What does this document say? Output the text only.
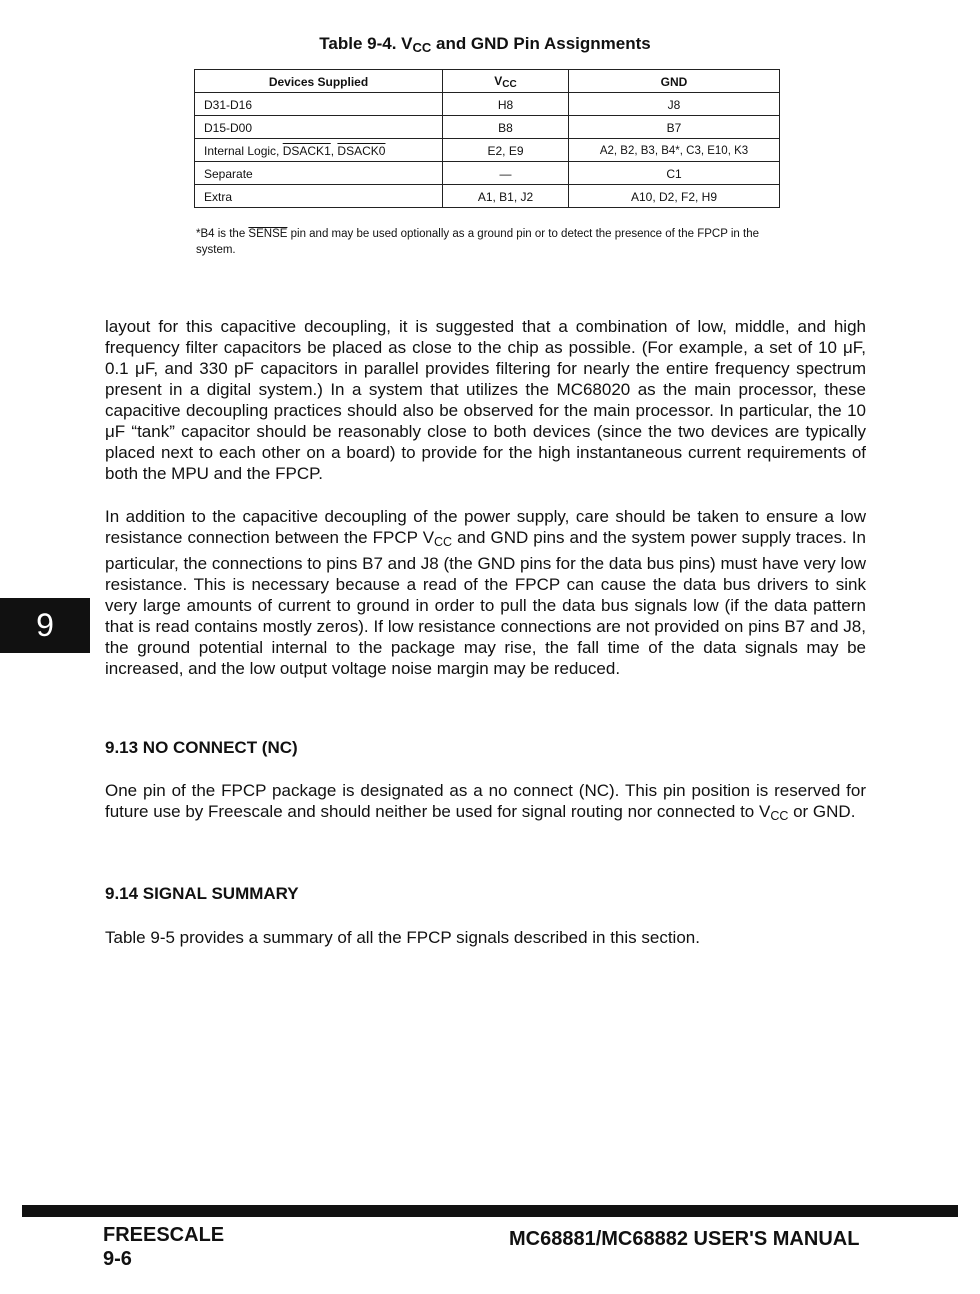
Table 9-4. $V_{CC}$ and GND Pin Assignments
Devices Supplied	VCC	GND
D31-D16	H8	J8
D15-D00	B8	B7
Internal Logic, DSACK1, DSACK0	E2, E9	A2, B2, B3, B4*, C3, E10, K3
Separate	—	C1
Extra	A1, B1, J2	A10, D2, F2, H9
*B4 is the SENSE pin and may be used optionally as a ground pin or to detect the presence of the FPCP in the system.
layout for this capacitive decoupling, it is suggested that a combination of low, middle, and high frequency filter capacitors be placed as close to the chip as possible. (For example, a set of 10 μF, 0.1 μF, and 330 pF capacitors in parallel provides filtering for nearly the entire frequency spectrum present in a digital system.) In a system that utilizes the MC68020 as the main processor, these capacitive decoupling practices should also be observed for the main processor. In particular, the 10 μF “tank” capacitor should be reasonably close to both devices (since the two devices are typically placed next to each other on a board) to provide for the high instantaneous current requirements of both the MPU and the FPCP.
In addition to the capacitive decoupling of the power supply, care should be taken to ensure a low resistance connection between the FPCP $V_{CC}$ and GND pins and the system power supply traces. In particular, the connections to pins B7 and J8 (the GND pins for the data bus pins) must have very low resistance. This is necessary because a read of the FPCP can cause the data bus drivers to sink very large amounts of current to ground in order to pull the data bus signals low (if the data pattern that is read contains mostly zeros). If low resistance connections are not provided on pins B7 and J8, the ground potential internal to the package may rise, the fall time of the data signals may be increased, and the low output voltage noise margin may be reduced.
9.13 NO CONNECT (NC)
One pin of the FPCP package is designated as a no connect (NC). This pin position is reserved for future use by Freescale and should neither be used for signal routing nor connected to $V_{CC}$ or GND.
9.14 SIGNAL SUMMARY
Table 9-5 provides a summary of all the FPCP signals described in this section.
9
FREESCALE
9-6
MC68881/MC68882 USER'S MANUAL
